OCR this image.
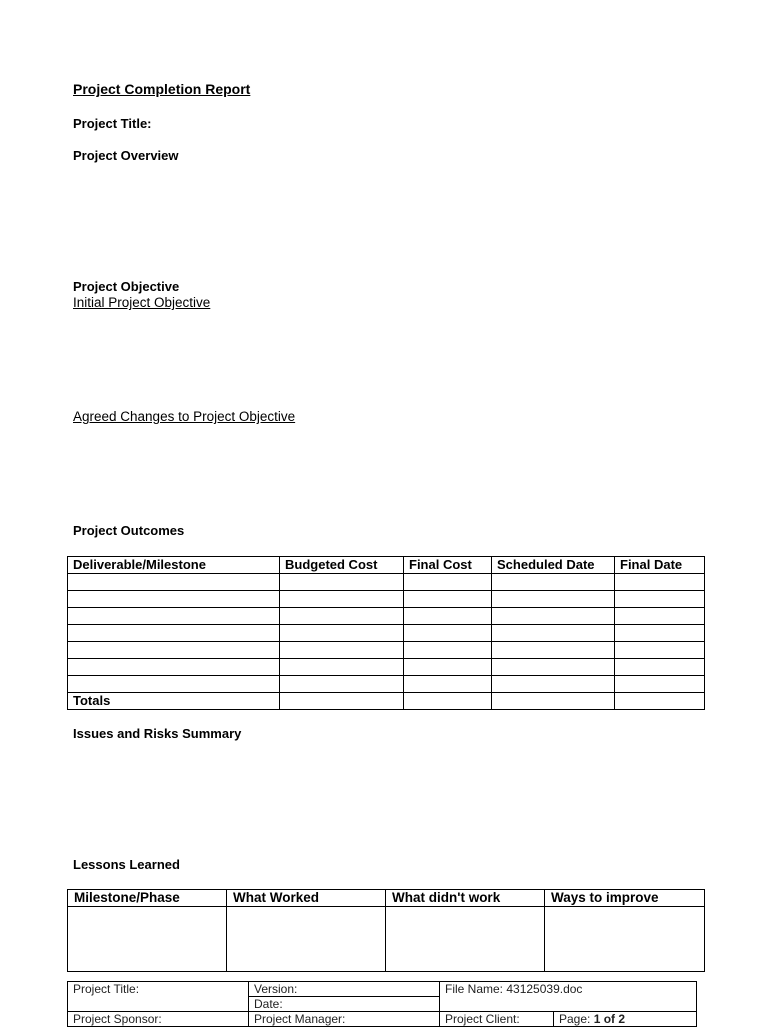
Project Completion Report
Project Title:
Project Overview
Project Objective
Initial Project Objective
Agreed Changes to Project Objective
Project Outcomes
Deliverable/Milestone	Budgeted Cost	Final Cost	Scheduled Date	Final Date

Totals				
Issues and Risks Summary
Lessons Learned
Milestone/Phase	What Worked	What didn't work	Ways to improve

Project Title:	Version:	File Name: 43125039.doc	
	Date:		
Project Sponsor:	Project Manager:	Project Client:	Page: 1 of 2
